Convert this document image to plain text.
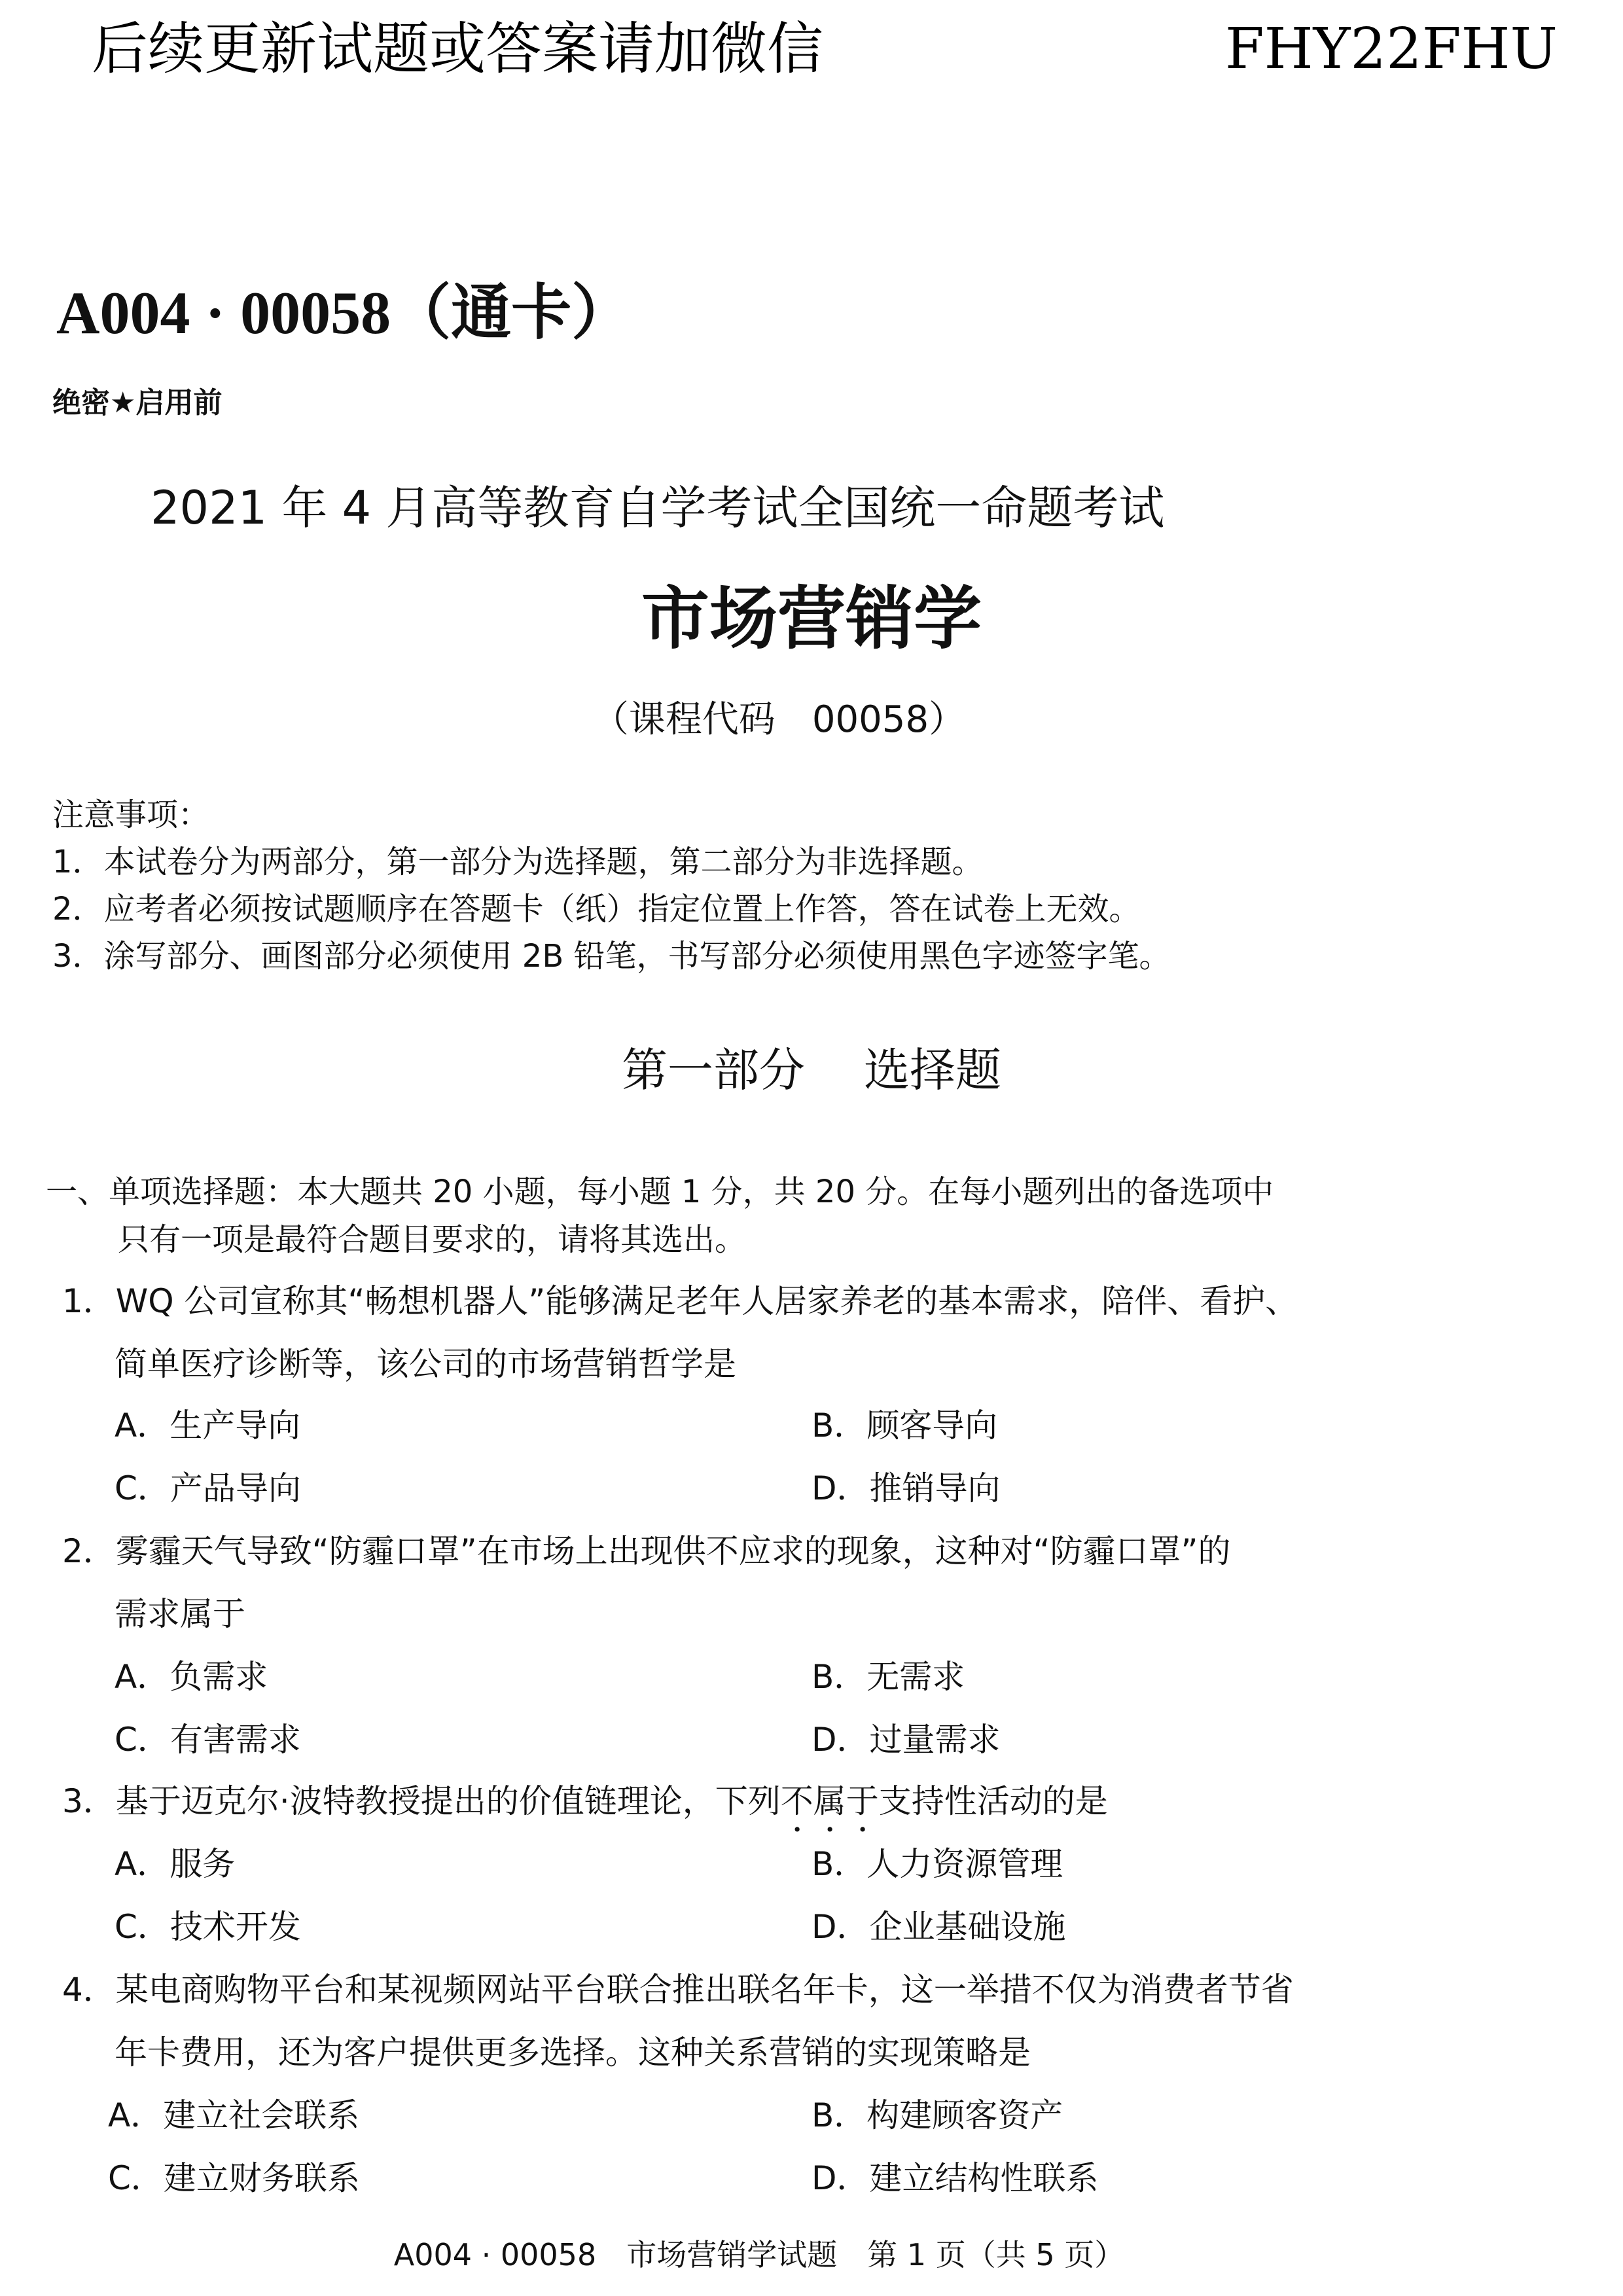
后续更新试题或答案请加微信	FHY22FHU
A004 · 00058（通卡）
绝密★启用前
2021 年 4 月高等教育自学考试全国统一命题考试
市场营销学
（课程代码　00058）
注意事项：
1．本试卷分为两部分，第一部分为选择题，第二部分为非选择题。
2．应考者必须按试题顺序在答题卡（纸）指定位置上作答，答在试卷上无效。
3．涂写部分、画图部分必须使用 2B 铅笔，书写部分必须使用黑色字迹签字笔。
第一部分 选择题
一、单项选择题：本大题共 20 小题，每小题 1 分，共 20 分。在每小题列出的备选项中
只有一项是最符合题目要求的，请将其选出。
1．WQ 公司宣称其“畅想机器人”能够满足老年人居家养老的基本需求，陪伴、看护、
简单医疗诊断等，该公司的市场营销哲学是
A．生产导向	B．顾客导向
C．产品导向	D．推销导向
2．雾霾天气导致“防霾口罩”在市场上出现供不应求的现象，这种对“防霾口罩”的
需求属于
A．负需求	B．无需求
C．有害需求	D．过量需求
3．基于迈克尔·波特教授提出的价值链理论，下列不属于支持性活动的是
A．服务	B．人力资源管理
C．技术开发	D．企业基础设施
4．某电商购物平台和某视频网站平台联合推出联名年卡，这一举措不仅为消费者节省
年卡费用，还为客户提供更多选择。这种关系营销的实现策略是
A．建立社会联系	B．构建顾客资产
C．建立财务联系	D．建立结构性联系
A004 · 00058　市场营销学试题　第 1 页（共 5 页）
